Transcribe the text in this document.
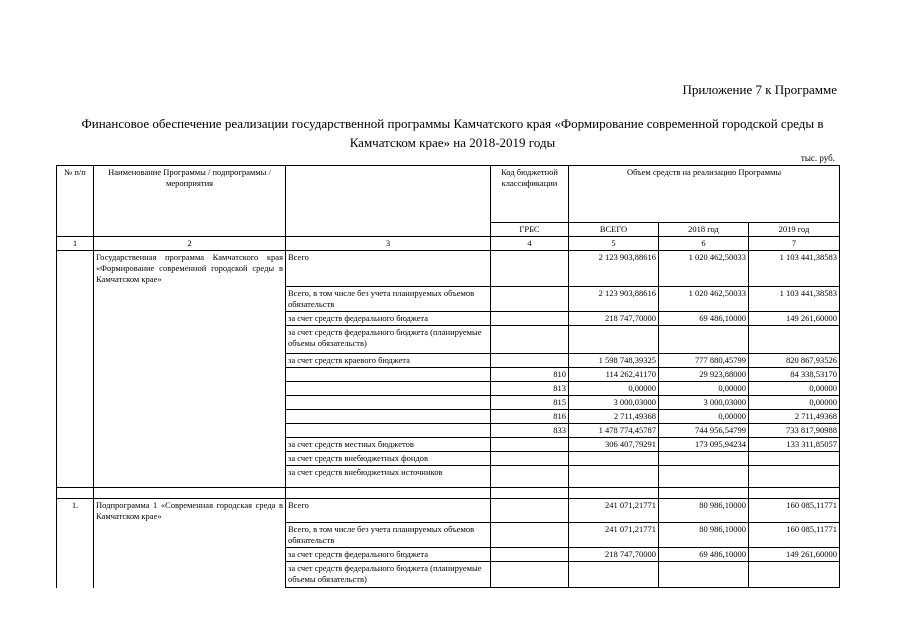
Приложение 7 к Программе
Финансовое обеспечение реализации государственной программы Камчатского края «Формирование современной городской среды в Камчатском крае» на 2018-2019 годы
тыс. руб.
№ п/п	Наименование Программы / подпрограммы / мероприятия		Код бюджетной классификации	Объем средств на реализацию Программы		
			ГРБС	ВСЕГО	2018 год	2019 год
1	2	3	4	5	6	7
	Государственная программа Камчатского края «Формирование современной городской среды в Камчатском крае»	Всего		2 123 903,88616	1 020 462,50033	1 103 441,38583
		Всего, в том числе без учета планируемых объемов обязательств		2 123 903,88616	1 020 462,50033	1 103 441,38583
		за счет средств федерального бюджета		218 747,70000	69 486,10000	149 261,60000
		за счет средств федерального бюджета (планируемые объемы обязательств)				
		за счет средств краевого бюджета		1 598 748,39325	777 880,45799	820 867,93526
			810	114 262,41170	29 923,88000	84 338,53170
			813	0,00000	0,00000	0,00000
			815	3 000,03000	3 000,03000	0,00000
			816	2 711,49368	0,00000	2 711,49368
			833	1 478 774,45787	744 956,54799	733 817,90988
		за счет средств местных бюджетов		306 407,79291	173 095,94234	133 311,85057
		за счет средств внебюджетных фондов				
		за счет средств внебюджетных источников				

1.	Подпрограмма 1 «Современная городская среда в Камчатском крае»	Всего		241 071,21771	80 986,10000	160 085,11771
		Всего, в том числе без учета планируемых объемов обязательств		241 071,21771	80 986,10000	160 085,11771
		за счет средств федерального бюджета		218 747,70000	69 486,10000	149 261,60000
		за счет средств федерального бюджета (планируемые объемы обязательств)				
